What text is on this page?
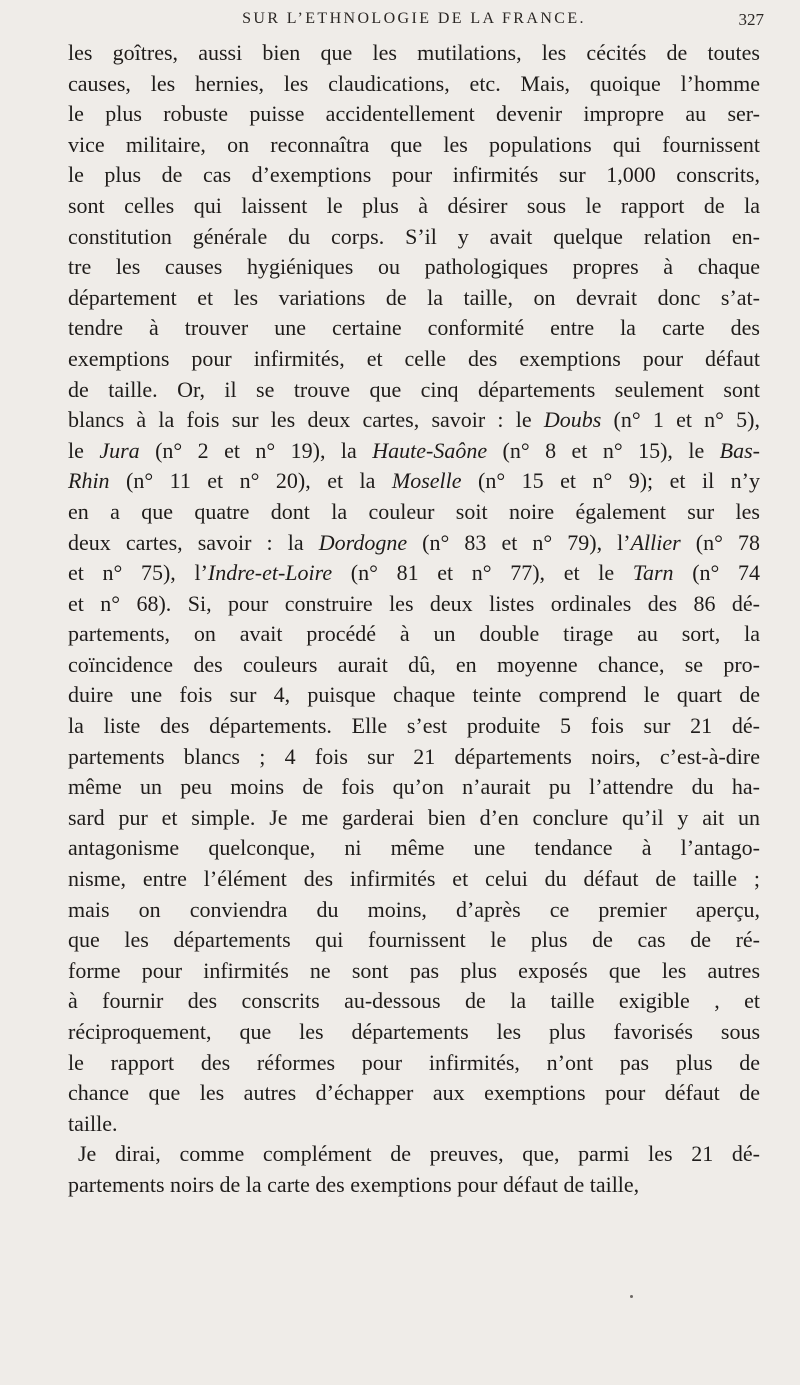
SUR L’ETHNOLOGIE DE LA FRANCE.	327
les goîtres, aussi bien que les mutilations, les cécités de toutes
causes, les hernies, les claudications, etc. Mais, quoique l’homme
le plus robuste puisse accidentellement devenir impropre au ser-
vice militaire, on reconnaîtra que les populations qui fournissent
le plus de cas d’exemptions pour infirmités sur 1,000 conscrits,
sont celles qui laissent le plus à désirer sous le rapport de la
constitution générale du corps. S’il y avait quelque relation en-
tre les causes hygiéniques ou pathologiques propres à chaque
département et les variations de la taille, on devrait donc s’at-
tendre à trouver une certaine conformité entre la carte des
exemptions pour infirmités, et celle des exemptions pour défaut
de taille. Or, il se trouve que cinq départements seulement sont
blancs à la fois sur les deux cartes, savoir : le Doubs (n° 1 et n° 5),
le Jura (n° 2 et n° 19), la Haute-Saône (n° 8 et n° 15), le Bas-
Rhin (n° 11 et n° 20), et la Moselle (n° 15 et n° 9); et il n’y
en a que quatre dont la couleur soit noire également sur les
deux cartes, savoir : la Dordogne (n° 83 et n° 79), l’Allier (n° 78
et n° 75), l’Indre-et-Loire (n° 81 et n° 77), et le Tarn (n° 74
et n° 68). Si, pour construire les deux listes ordinales des 86 dé-
partements, on avait procédé à un double tirage au sort, la
coïncidence des couleurs aurait dû, en moyenne chance, se pro-
duire une fois sur 4, puisque chaque teinte comprend le quart de
la liste des départements. Elle s’est produite 5 fois sur 21 dé-
partements blancs ; 4 fois sur 21 départements noirs, c’est-à-dire
même un peu moins de fois qu’on n’aurait pu l’attendre du ha-
sard pur et simple. Je me garderai bien d’en conclure qu’il y ait un
antagonisme quelconque, ni même une tendance à l’antago-
nisme, entre l’élément des infirmités et celui du défaut de taille ;
mais on conviendra du moins, d’après ce premier aperçu,
que les départements qui fournissent le plus de cas de ré-
forme pour infirmités ne sont pas plus exposés que les autres
à fournir des conscrits au-dessous de la taille exigible , et
réciproquement, que les départements les plus favorisés sous
le rapport des réformes pour infirmités, n’ont pas plus de
chance que les autres d’échapper aux exemptions pour défaut de
taille.
Je dirai, comme complément de preuves, que, parmi les 21 dé-
partements noirs de la carte des exemptions pour défaut de taille,
